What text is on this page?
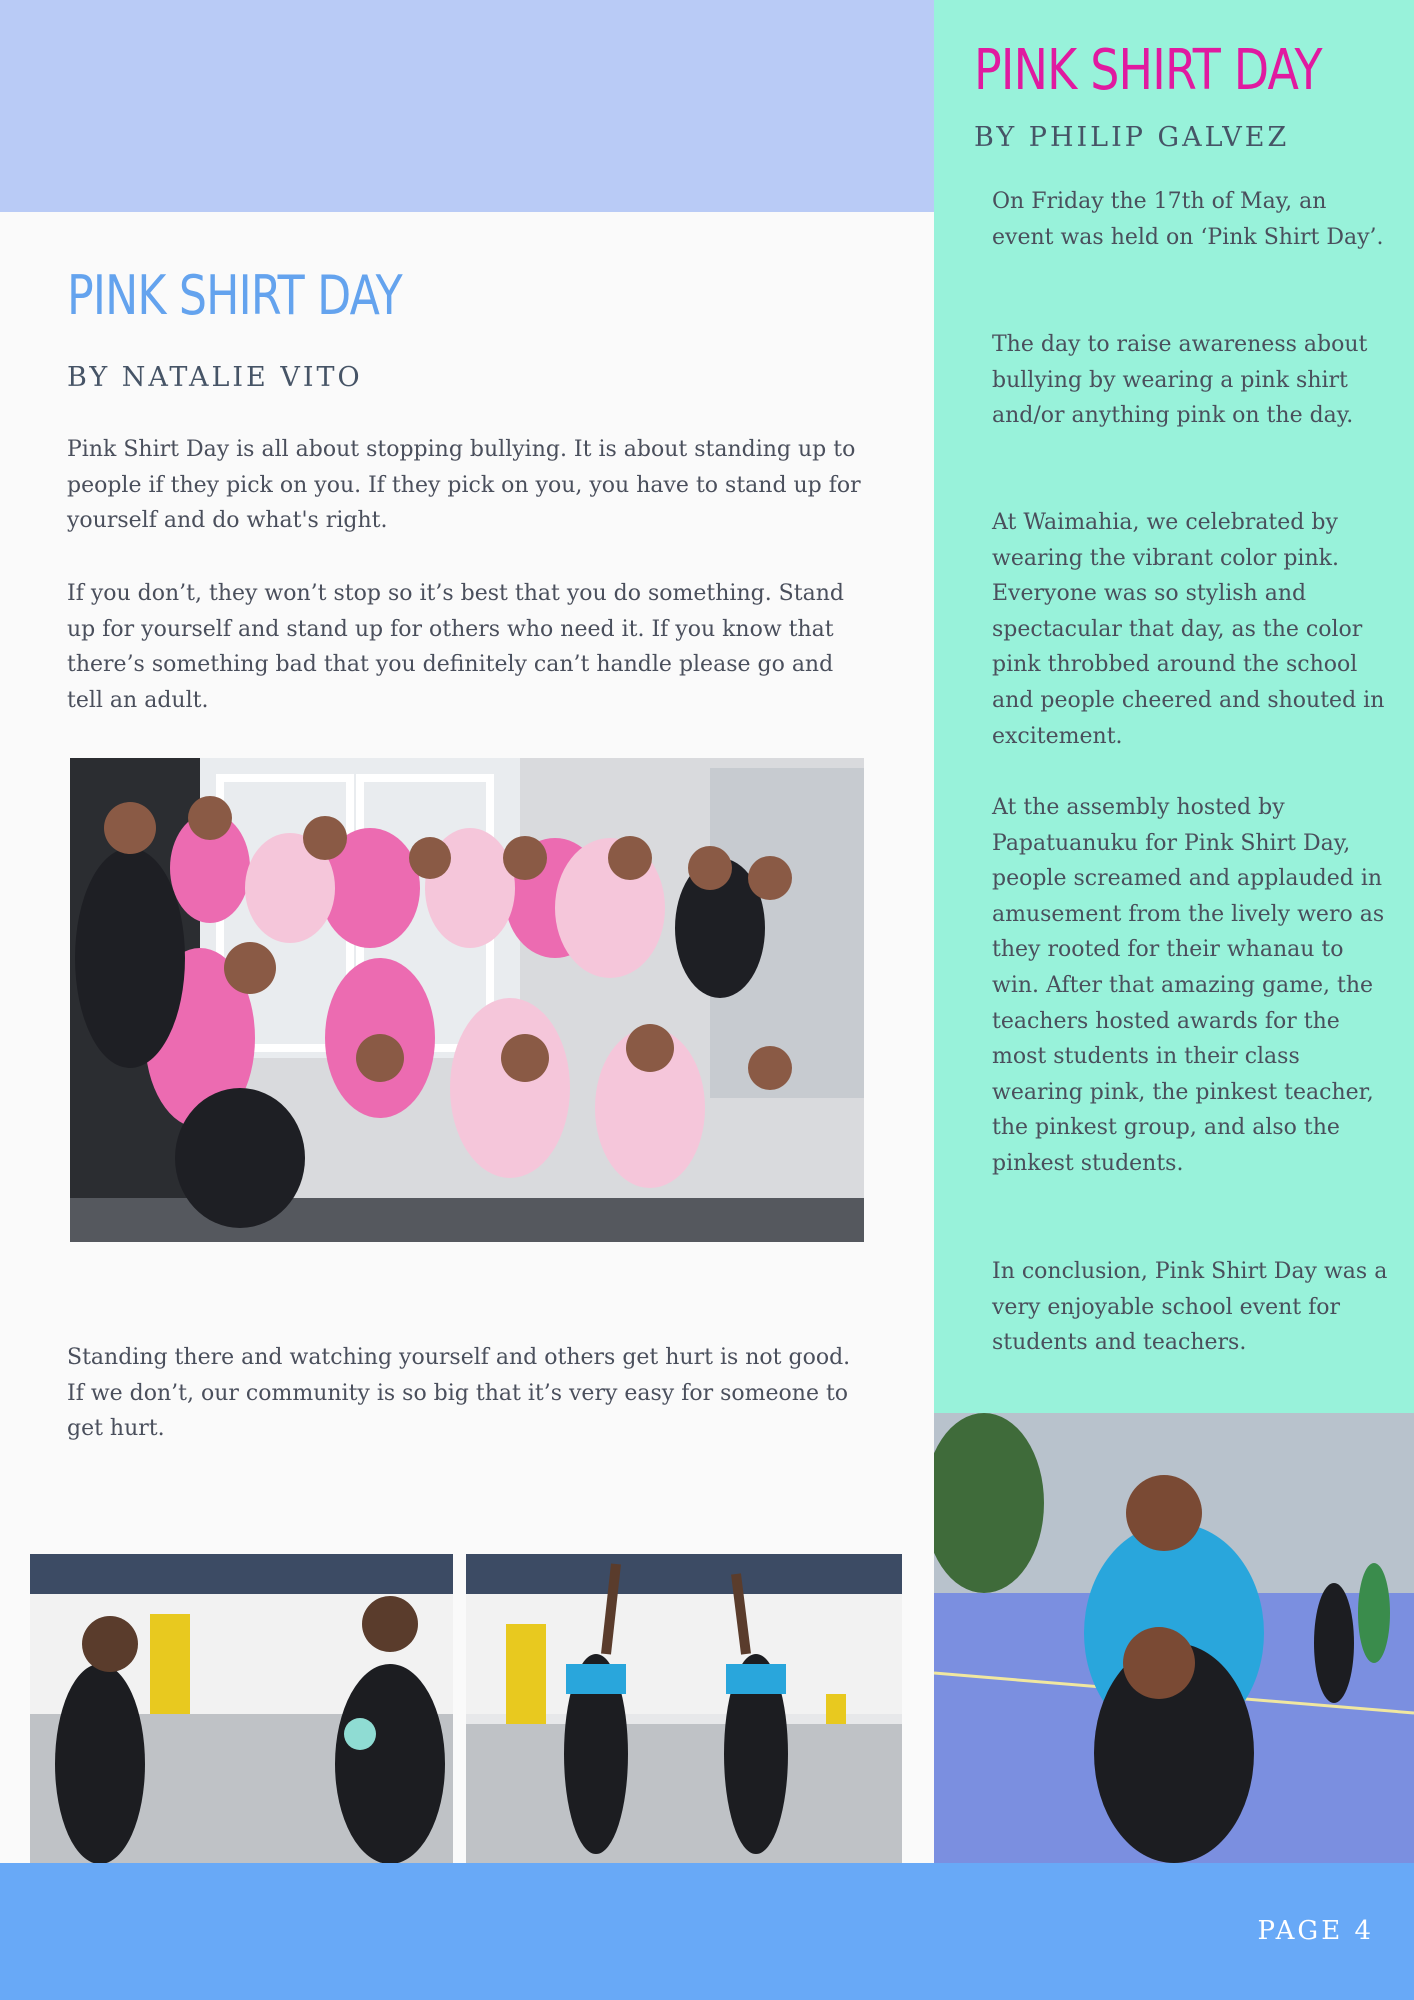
PINK SHIRT DAY
BY NATALIE VITO

Pink Shirt Day is all about stopping bullying. It is about standing up to people if they pick on you. If they pick on you, you have to stand up for yourself and do what's right.

If you don’t, they won’t stop so it’s best that you do something. Stand up for yourself and stand up for others who need it. If you know that there’s something bad that you definitely can’t handle please go and tell an adult.

Standing there and watching yourself and others get hurt is not good. If we don’t, our community is so big that it’s very easy for someone to get hurt.

PINK SHIRT DAY
BY PHILIP GALVEZ

On Friday the 17th of May, an event was held on ‘Pink Shirt Day’.

The day to raise awareness about bullying by wearing a pink shirt and/or anything pink on the day.

At Waimahia, we celebrated by wearing the vibrant color pink. Everyone was so stylish and spectacular that day, as the color pink throbbed around the school and people cheered and shouted in excitement.

At the assembly hosted by Papatuanuku for Pink Shirt Day, people screamed and applauded in amusement from the lively wero as they rooted for their whanau to win. After that amazing game, the teachers hosted awards for the most students in their class wearing pink, the pinkest teacher, the pinkest group, and also the pinkest students.

In conclusion, Pink Shirt Day was a very enjoyable school event for students and teachers.

PAGE 4
